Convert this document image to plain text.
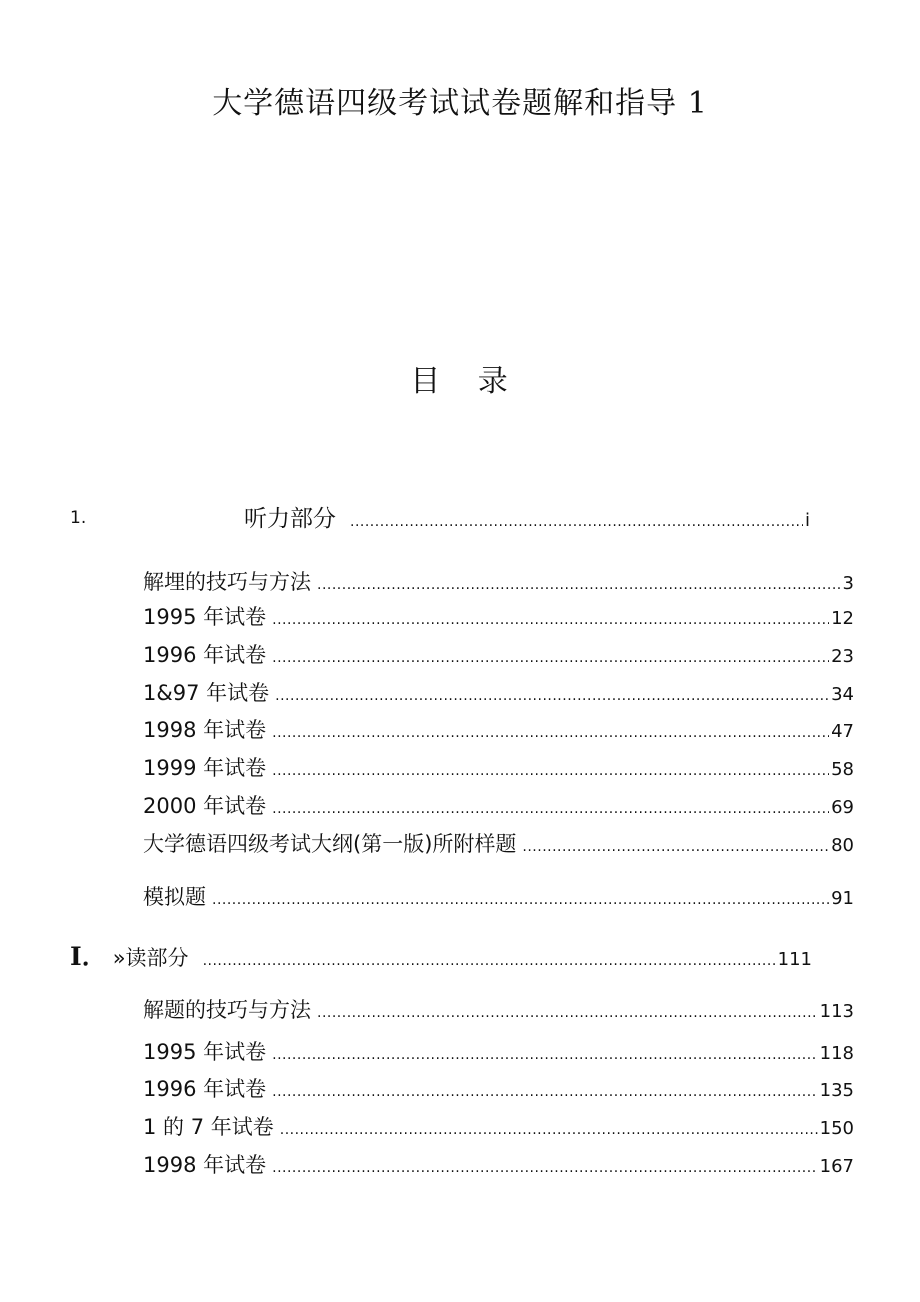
大学德语四级考试试卷题解和指导 1
目 录
1.	听力部分 .....	i
解埋的技巧与方法 .....	3
1995 年试卷 .....	12
1996 年试卷 .....	23
1&97 年试卷 .....	34
1998 年试卷 .....	47
1999 年试卷 .....	58
2000 年试卷 .....	69
大学德语四级考试大纲(第一版)所附样题 .....	80
模拟题 .....	91
I． »读部分 .....	111
解题的技巧与方法 .....	113
1995 年试卷 .....	118
1996 年试卷 .....	135
1 的 7 年试卷 .....	150
1998 年试卷 .....	167
